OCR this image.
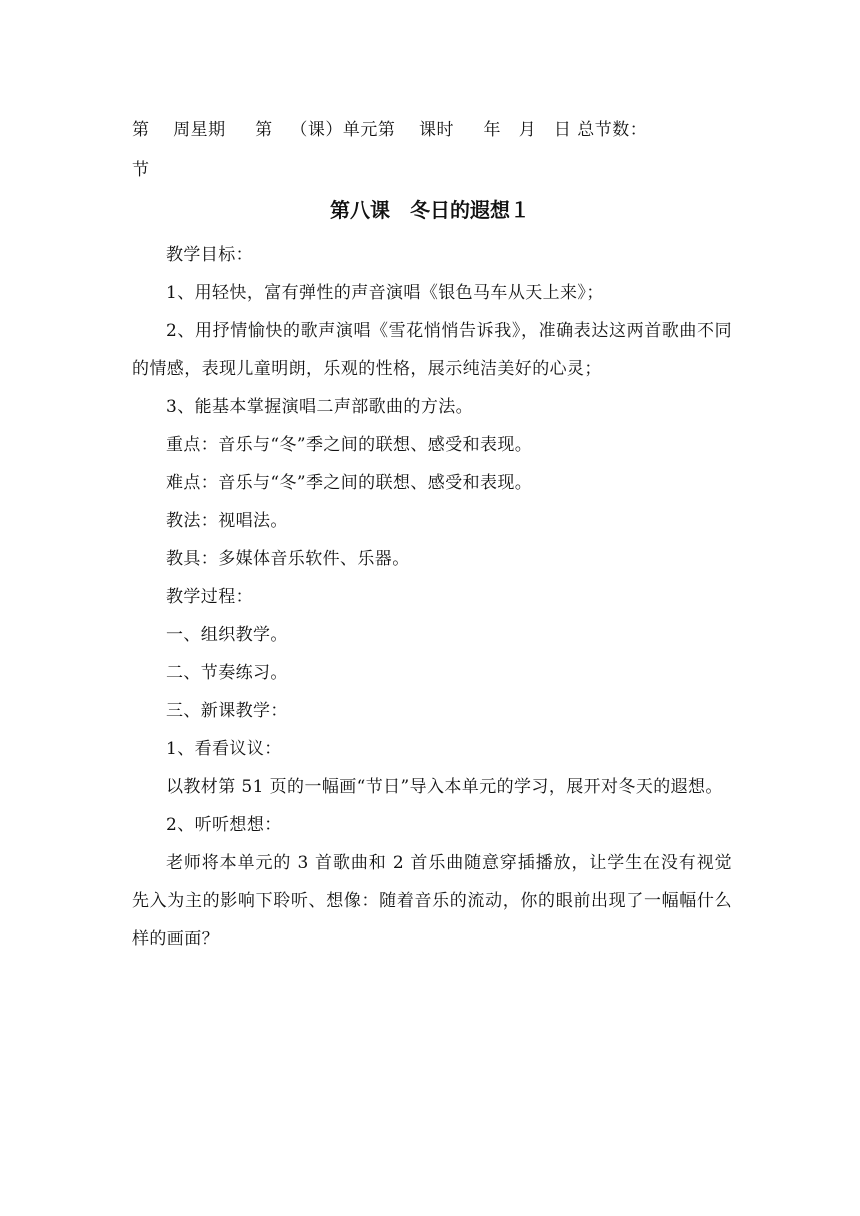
第    周星期     第   （课）单元第    课时     年   月   日 总节数：
节
第八课　冬日的遐想１

教学目标：

1、用轻快，富有弹性的声音演唱《银色马车从天上来》；

2、用抒情愉快的歌声演唱《雪花悄悄告诉我》，准确表达这两首歌曲不同的情感，表现儿童明朗，乐观的性格，展示纯洁美好的心灵；

3、能基本掌握演唱二声部歌曲的方法。

重点：音乐与“冬”季之间的联想、感受和表现。

难点：音乐与“冬”季之间的联想、感受和表现。

教法：视唱法。

教具：多媒体音乐软件、乐器。

教学过程：

一、组织教学。

二、节奏练习。

三、新课教学：

1、看看议议：

以教材第 51 页的一幅画“节日”导入本单元的学习，展开对冬天的遐想。

2、听听想想：

老师将本单元的 3 首歌曲和 2 首乐曲随意穿插播放，让学生在没有视觉先入为主的影响下聆听、想像：随着音乐的流动，你的眼前出现了一幅幅什么样的画面？
